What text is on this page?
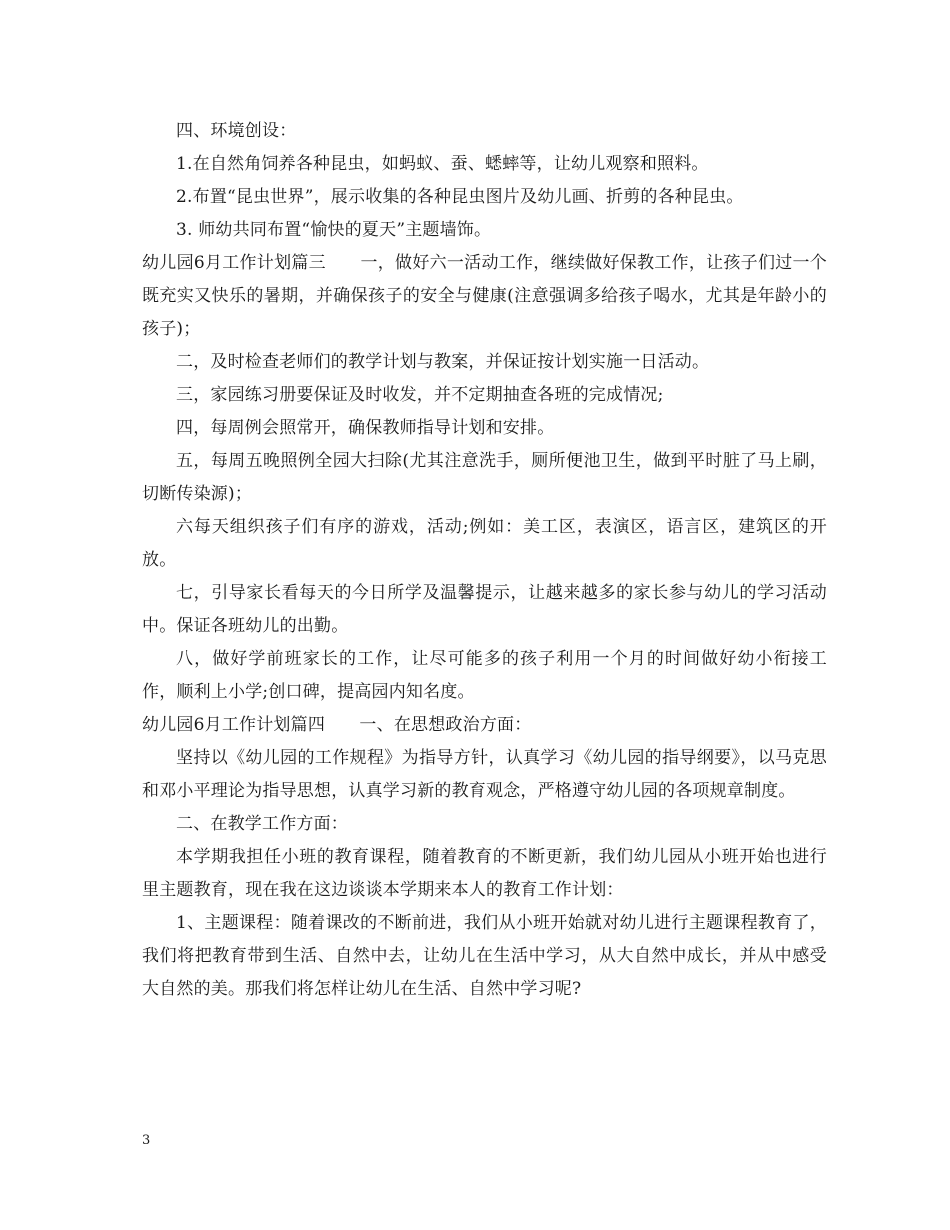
四、环境创设：

1.在自然角饲养各种昆虫，如蚂蚁、蚕、蟋蟀等，让幼儿观察和照料。

2.布置“昆虫世界”，展示收集的各种昆虫图片及幼儿画、折剪的各种昆虫。

3. 师幼共同布置“愉快的夏天”主题墙饰。

幼儿园6月工作计划篇三　　一，做好六一活动工作，继续做好保教工作，让孩子们过一个既充实又快乐的暑期，并确保孩子的安全与健康(注意强调多给孩子喝水，尤其是年龄小的孩子)；

二，及时检查老师们的教学计划与教案，并保证按计划实施一日活动。

三，家园练习册要保证及时收发，并不定期抽查各班的完成情况;

四，每周例会照常开，确保教师指导计划和安排。

五，每周五晚照例全园大扫除(尤其注意洗手，厕所便池卫生，做到平时脏了马上刷，切断传染源)；

六每天组织孩子们有序的游戏，活动;例如：美工区，表演区，语言区，建筑区的开放。

七，引导家长看每天的今日所学及温馨提示，让越来越多的家长参与幼儿的学习活动中。保证各班幼儿的出勤。

八，做好学前班家长的工作，让尽可能多的孩子利用一个月的时间做好幼小衔接工作，顺利上小学;创口碑，提高园内知名度。

幼儿园6月工作计划篇四　　一、在思想政治方面：

坚持以《幼儿园的工作规程》为指导方针，认真学习《幼儿园的指导纲要》，以马克思和邓小平理论为指导思想，认真学习新的教育观念，严格遵守幼儿园的各项规章制度。

二、在教学工作方面：

本学期我担任小班的教育课程，随着教育的不断更新，我们幼儿园从小班开始也进行里主题教育，现在我在这边谈谈本学期来本人的教育工作计划：

1、主题课程：随着课改的不断前进，我们从小班开始就对幼儿进行主题课程教育了，我们将把教育带到生活、自然中去，让幼儿在生活中学习，从大自然中成长，并从中感受大自然的美。那我们将怎样让幼儿在生活、自然中学习呢?

3
